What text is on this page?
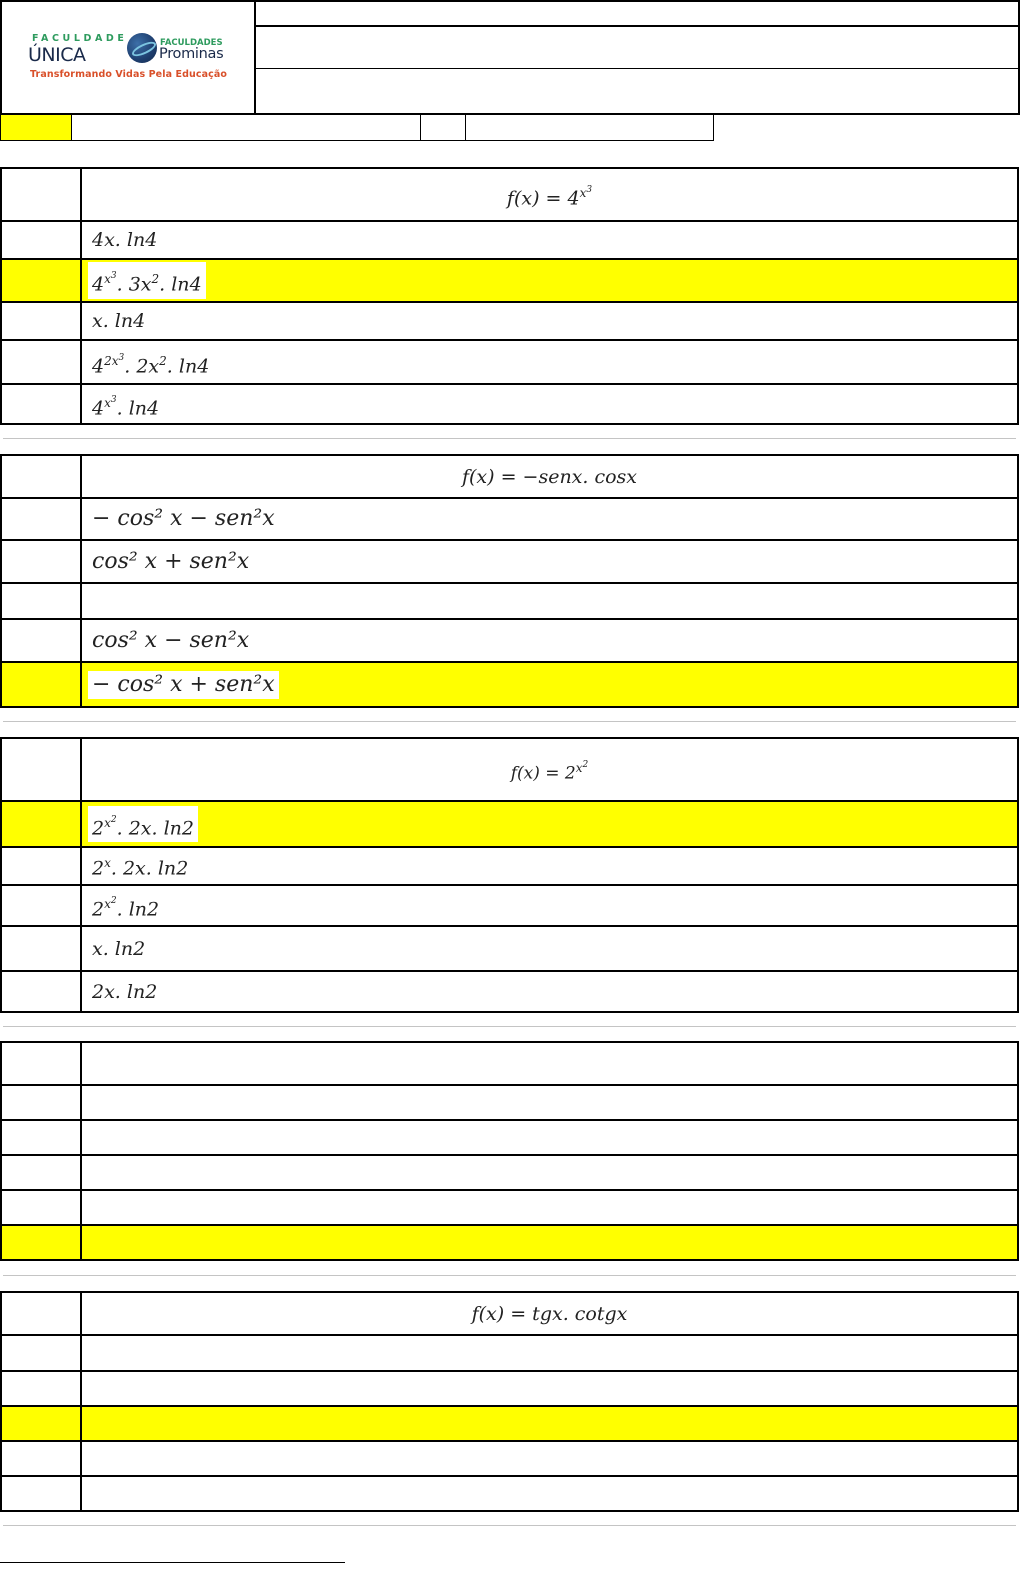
FACULDADE
ÚNICA
FACULDADES
Prominas
Transformando Vidas Pela Educação
	$f(x) = 4^{x^3}$
	4x. ln4
	$4^{x^3}$. $3x^2$. ln4
	x. ln4
	$4^{2x^3}$. $2x^2$. ln4
	$4^{x^3}$. ln4
	f(x) = −senx. cosx
	− cos² x − sen²x
	cos² x + sen²x

	cos² x − sen²x
	− cos² x + sen²x
	$f(x) = 2^{x^2}$
	$2^{x^2}$. 2x. ln2
	2$^x$. 2x. ln2
	$2^{x^2}$. ln2
	x. ln2
	2x. ln2

	f(x) = tgx. cotgx
